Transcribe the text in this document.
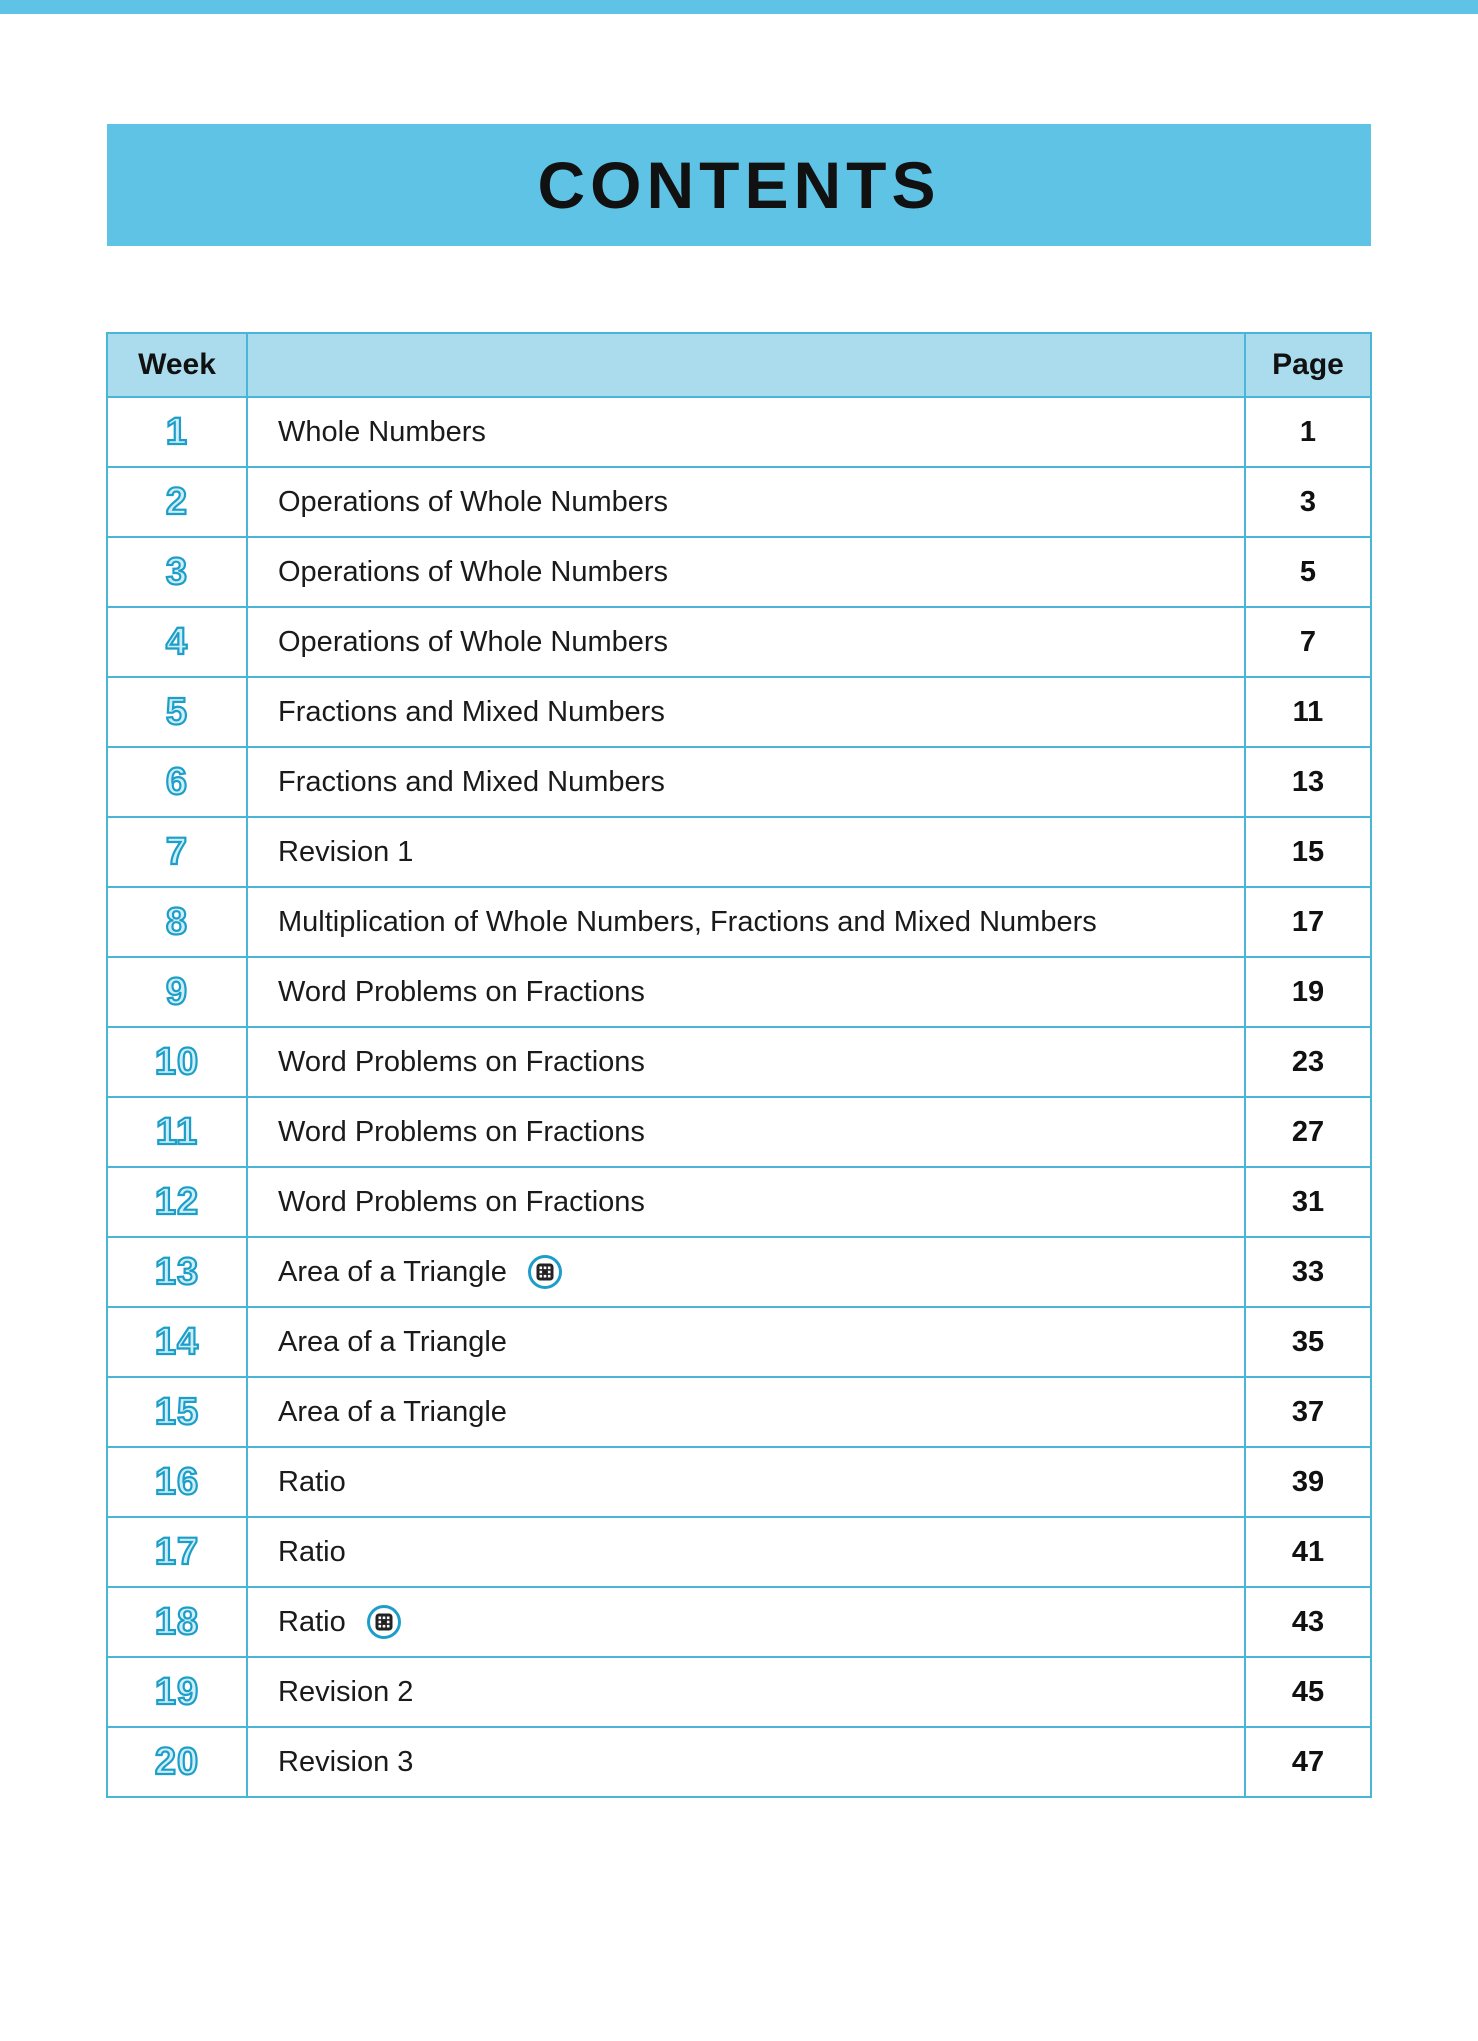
CONTENTS
Week		Page
1	Whole Numbers	1
2	Operations of Whole Numbers	3
3	Operations of Whole Numbers	5
4	Operations of Whole Numbers	7
5	Fractions and Mixed Numbers	11
6	Fractions and Mixed Numbers	13
7	Revision 1	15
8	Multiplication of Whole Numbers, Fractions and Mixed Numbers	17
9	Word Problems on Fractions	19
10	Word Problems on Fractions	23
11	Word Problems on Fractions	27
12	Word Problems on Fractions	31
13	Area of a Triangle	33
14	Area of a Triangle	35
15	Area of a Triangle	37
16	Ratio	39
17	Ratio	41
18	Ratio	43
19	Revision 2	45
20	Revision 3	47
